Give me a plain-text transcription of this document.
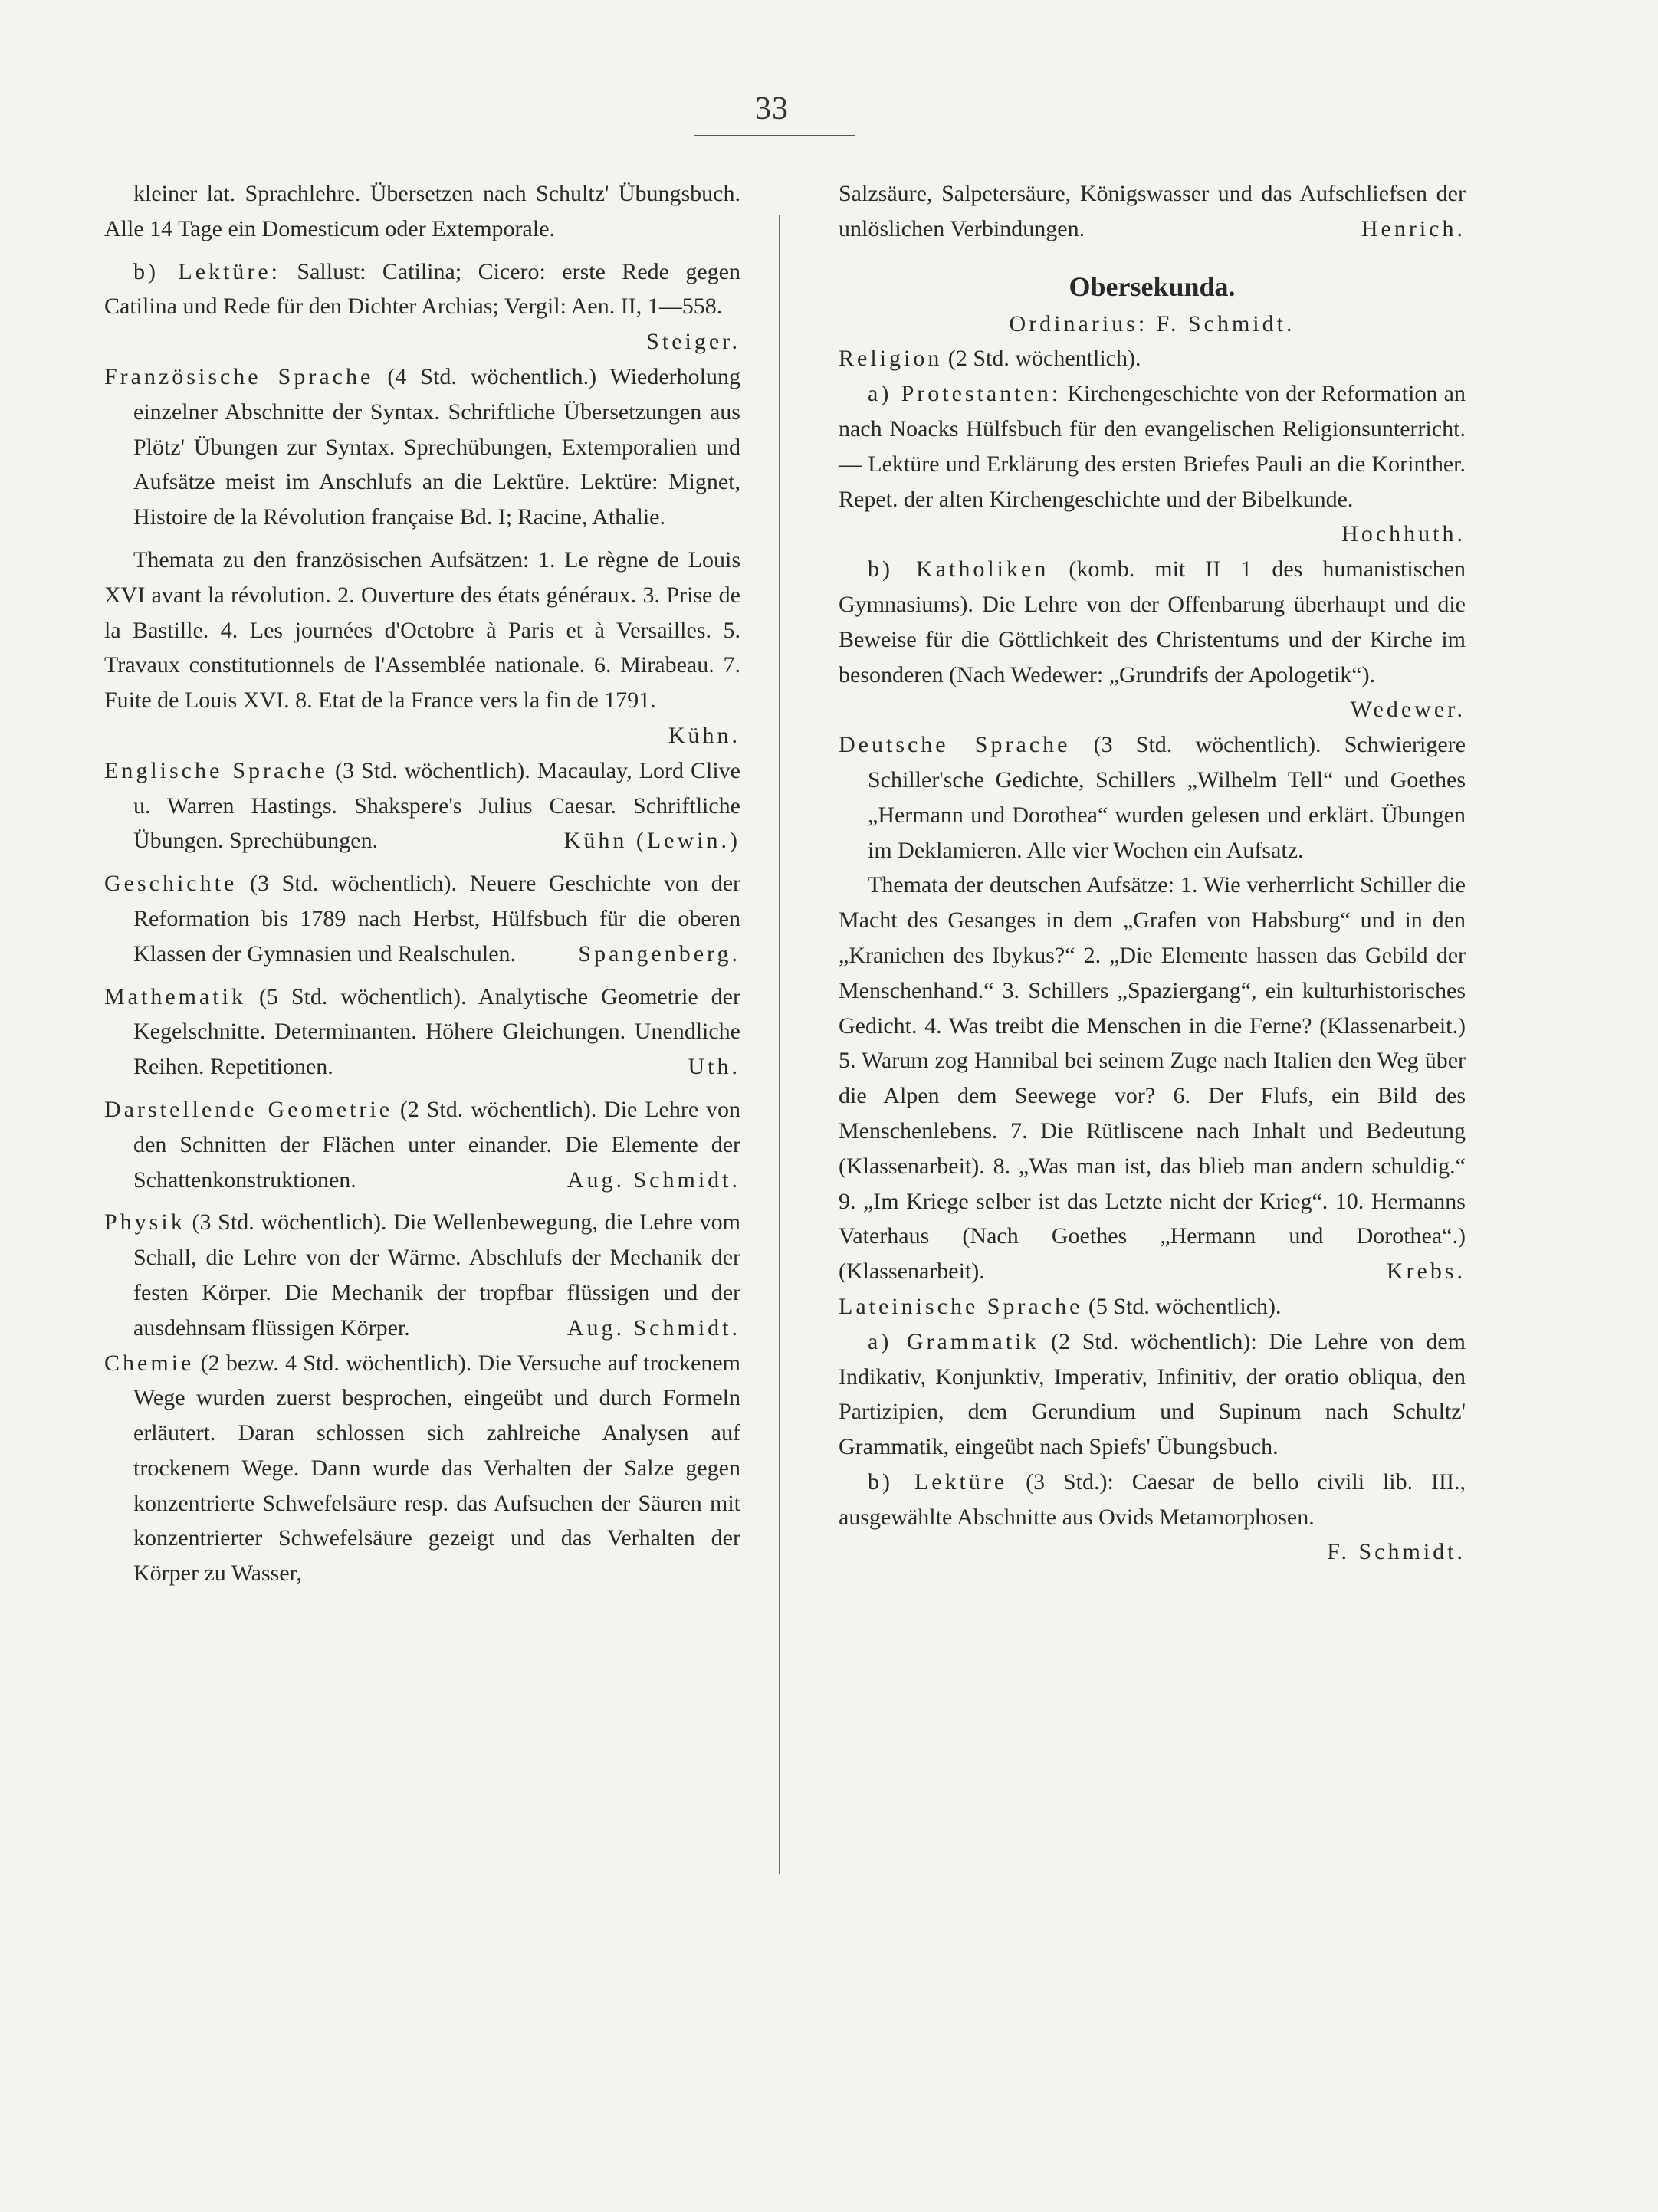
33

kleiner lat. Sprachlehre. Übersetzen nach Schultz' Übungsbuch. Alle 14 Tage ein Domesticum oder Extemporale.

b) Lektüre: Sallust: Catilina; Cicero: erste Rede gegen Catilina und Rede für den Dichter Archias; Vergil: Aen. II, 1—558.
Steiger.

Französische Sprache (4 Std. wöchentlich.) Wiederholung einzelner Abschnitte der Syntax. Schriftliche Übersetzungen aus Plötz' Übungen zur Syntax. Sprechübungen, Extemporalien und Aufsätze meist im Anschlufs an die Lektüre. Lektüre: Mignet, Histoire de la Révolution française Bd. I; Racine, Athalie.

Themata zu den französischen Aufsätzen: 1. Le règne de Louis XVI avant la révolution. 2. Ouverture des états généraux. 3. Prise de la Bastille. 4. Les journées d'Octobre à Paris et à Versailles. 5. Travaux constitutionnels de l'Assemblée nationale. 6. Mirabeau. 7. Fuite de Louis XVI. 8. Etat de la France vers la fin de 1791.
Kühn.

Englische Sprache (3 Std. wöchentlich). Macaulay, Lord Clive u. Warren Hastings. Shakspere's Julius Caesar. Schriftliche Übungen. Sprechübungen.	Kühn (Lewin.)

Geschichte (3 Std. wöchentlich). Neuere Geschichte von der Reformation bis 1789 nach Herbst, Hülfsbuch für die oberen Klassen der Gymnasien und Realschulen.	Spangenberg.

Mathematik (5 Std. wöchentlich). Analytische Geometrie der Kegelschnitte. Determinanten. Höhere Gleichungen. Unendliche Reihen. Repetitionen.	Uth.

Darstellende Geometrie (2 Std. wöchentlich). Die Lehre von den Schnitten der Flächen unter einander. Die Elemente der Schattenkonstruktionen.	Aug. Schmidt.

Physik (3 Std. wöchentlich). Die Wellenbewegung, die Lehre vom Schall, die Lehre von der Wärme. Abschlufs der Mechanik der festen Körper. Die Mechanik der tropfbar flüssigen und der ausdehnsam flüssigen Körper.	Aug. Schmidt.

Chemie (2 bezw. 4 Std. wöchentlich). Die Versuche auf trockenem Wege wurden zuerst besprochen, eingeübt und durch Formeln erläutert. Daran schlossen sich zahlreiche Analysen auf trockenem Wege. Dann wurde das Verhalten der Salze gegen konzentrierte Schwefelsäure resp. das Aufsuchen der Säuren mit konzentrierter Schwefelsäure gezeigt und das Verhalten der Körper zu Wasser,

Salzsäure, Salpetersäure, Königswasser und das Aufschliefsen der unlöslichen Verbindungen.	Henrich.

Obersekunda.

Ordinarius: F. Schmidt.

Religion (2 Std. wöchentlich).

a) Protestanten: Kirchengeschichte von der Reformation an nach Noacks Hülfsbuch für den evangelischen Religionsunterricht. — Lektüre und Erklärung des ersten Briefes Pauli an die Korinther. Repet. der alten Kirchengeschichte und der Bibelkunde.
Hochhuth.

b) Katholiken (komb. mit II 1 des humanistischen Gymnasiums). Die Lehre von der Offenbarung überhaupt und die Beweise für die Göttlichkeit des Christentums und der Kirche im besonderen (Nach Wedewer: „Grundrifs der Apologetik“).
Wedewer.

Deutsche Sprache (3 Std. wöchentlich). Schwierigere Schiller'sche Gedichte, Schillers „Wilhelm Tell“ und Goethes „Hermann und Dorothea“ wurden gelesen und erklärt. Übungen im Deklamieren. Alle vier Wochen ein Aufsatz.

Themata der deutschen Aufsätze: 1. Wie verherrlicht Schiller die Macht des Gesanges in dem „Grafen von Habsburg“ und in den „Kranichen des Ibykus?“ 2. „Die Elemente hassen das Gebild der Menschenhand.“ 3. Schillers „Spaziergang“, ein kulturhistorisches Gedicht. 4. Was treibt die Menschen in die Ferne? (Klassenarbeit.) 5. Warum zog Hannibal bei seinem Zuge nach Italien den Weg über die Alpen dem Seewege vor? 6. Der Flufs, ein Bild des Menschenlebens. 7. Die Rütliscene nach Inhalt und Bedeutung (Klassenarbeit). 8. „Was man ist, das blieb man andern schuldig.“ 9. „Im Kriege selber ist das Letzte nicht der Krieg“. 10. Hermanns Vaterhaus (Nach Goethes „Hermann und Dorothea“.) (Klassenarbeit).	Krebs.

Lateinische Sprache (5 Std. wöchentlich).

a) Grammatik (2 Std. wöchentlich): Die Lehre von dem Indikativ, Konjunktiv, Imperativ, Infinitiv, der oratio obliqua, den Partizipien, dem Gerundium und Supinum nach Schultz' Grammatik, eingeübt nach Spiefs' Übungsbuch.

b) Lektüre (3 Std.): Caesar de bello civili lib. III., ausgewählte Abschnitte aus Ovids Metamorphosen.
F. Schmidt.
